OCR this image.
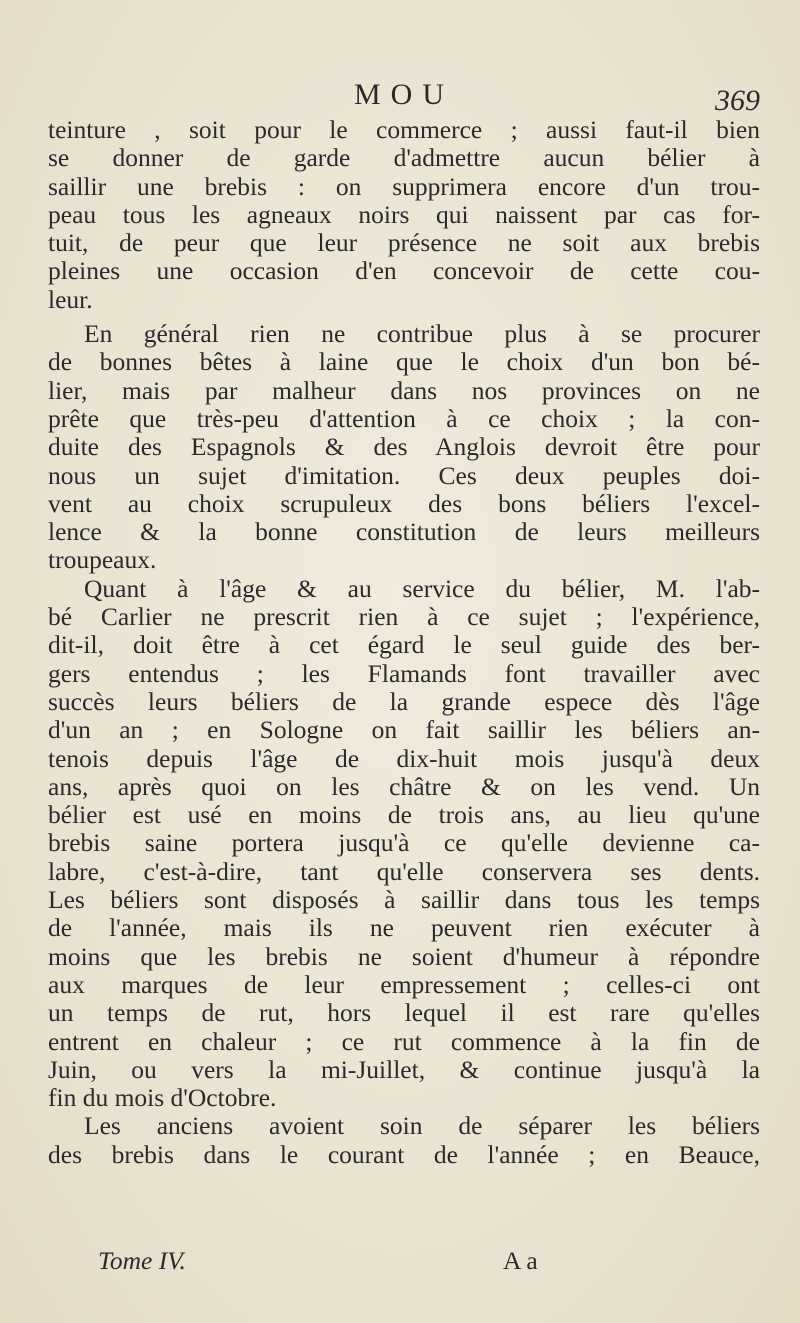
MOU	369
teinture , soit pour le commerce ; aussi faut-il bien
se donner de garde d'admettre aucun bélier à
saillir une brebis : on supprimera encore d'un trou-
peau tous les agneaux noirs qui naissent par cas for-
tuit, de peur que leur présence ne soit aux brebis
pleines une occasion d'en concevoir de cette cou-
leur.
En général rien ne contribue plus à se procurer
de bonnes bêtes à laine que le choix d'un bon bé-
lier, mais par malheur dans nos provinces on ne
prête que très-peu d'attention à ce choix ; la con-
duite des Espagnols & des Anglois devroit être pour
nous un sujet d'imitation. Ces deux peuples doi-
vent au choix scrupuleux des bons béliers l'excel-
lence & la bonne constitution de leurs meilleurs
troupeaux.
Quant à l'âge & au service du bélier, M. l'ab-
bé Carlier ne prescrit rien à ce sujet ; l'expérience,
dit-il, doit être à cet égard le seul guide des ber-
gers entendus ; les Flamands font travailler avec
succès leurs béliers de la grande espece dès l'âge
d'un an ; en Sologne on fait saillir les béliers an-
tenois depuis l'âge de dix-huit mois jusqu'à deux
ans, après quoi on les châtre & on les vend. Un
bélier est usé en moins de trois ans, au lieu qu'une
brebis saine portera jusqu'à ce qu'elle devienne ca-
labre, c'est-à-dire, tant qu'elle conservera ses dents.
Les béliers sont disposés à saillir dans tous les temps
de l'année, mais ils ne peuvent rien exécuter à
moins que les brebis ne soient d'humeur à répondre
aux marques de leur empressement ; celles-ci ont
un temps de rut, hors lequel il est rare qu'elles
entrent en chaleur ; ce rut commence à la fin de
Juin, ou vers la mi-Juillet, & continue jusqu'à la
fin du mois d'Octobre.
Les anciens avoient soin de séparer les béliers
des brebis dans le courant de l'année ; en Beauce,
Tome IV.	A a
